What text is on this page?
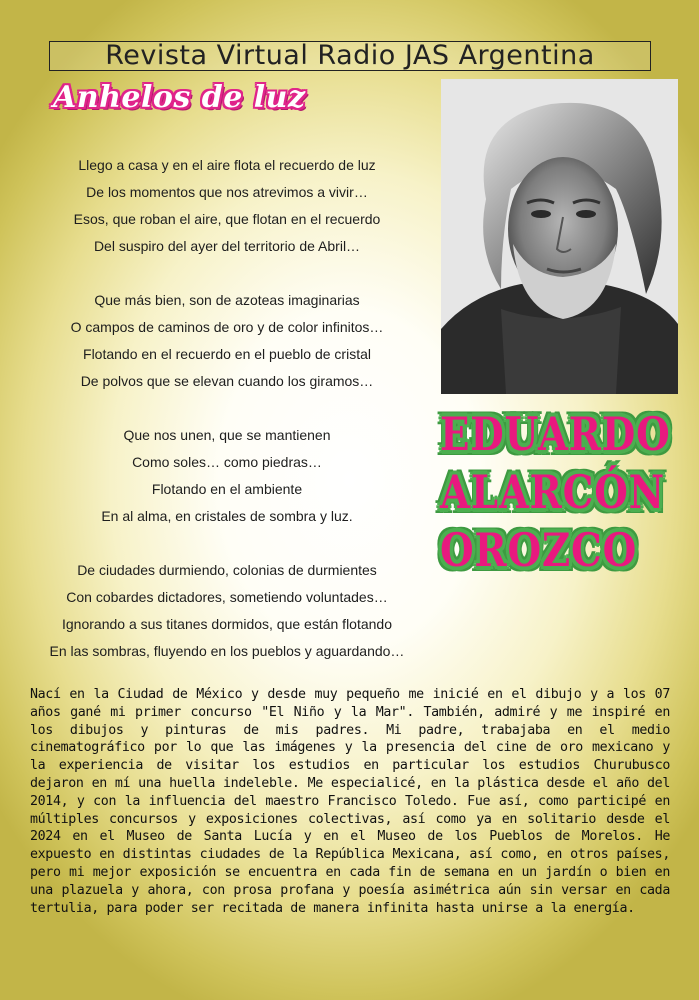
Revista Virtual Radio JAS Argentina
Anhelos de luz
Llego a casa y en el aire flota el recuerdo de luz
De los momentos que nos atrevimos a vivir…
Esos, que roban el aire, que flotan en el recuerdo
Del suspiro del ayer del territorio de Abril…
Que más bien, son de azoteas imaginarias
O campos de caminos de oro y de color infinitos…
Flotando en el recuerdo en el pueblo de cristal
De polvos que se elevan cuando los giramos…
Que nos unen, que se mantienen
Como soles… como piedras…
Flotando en el ambiente
En al alma, en cristales de sombra y luz.
De ciudades durmiendo, colonias de durmientes
Con cobardes dictadores, sometiendo voluntades…
Ignorando a sus titanes dormidos, que están flotando
En las sombras, fluyendo en los pueblos y aguardando…
EDUARDO
ALARCÓN
OROZCO
Nací en la Ciudad de México y desde muy pequeño me inicié en el dibujo y a los 07 años gané mi primer concurso "El Niño y la Mar". También, admiré y me inspiré en los dibujos y pinturas de mis padres. Mi padre, trabajaba en el medio cinematográfico por lo que las imágenes y la presencia del cine de oro mexicano y la experiencia de visitar los estudios en particular los estudios Churubusco dejaron en mí una huella indeleble. Me especialicé, en la plástica desde el año del 2014, y con la influencia del maestro Francisco Toledo. Fue así, como participé en múltiples concursos y exposiciones colectivas, así como ya en solitario desde el 2024 en el Museo de Santa Lucía y en el Museo de los Pueblos de Morelos. He expuesto en distintas ciudades de la República Mexicana, así como, en otros países, pero mi mejor exposición se encuentra en cada fin de semana en un jardín o bien en una plazuela y ahora, con prosa profana y poesía asimétrica aún sin versar en cada tertulia, para poder ser recitada de manera infinita hasta unirse a la energía.
